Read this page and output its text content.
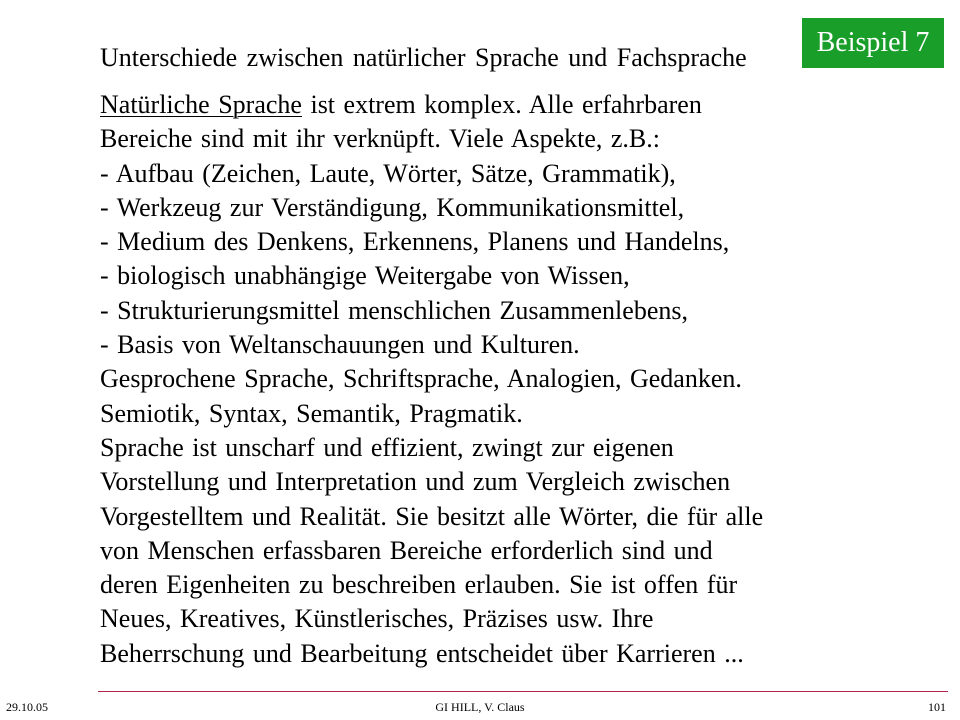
Unterschiede zwischen natürlicher Sprache und Fachsprache	Beispiel 7
Natürliche Sprache ist extrem komplex. Alle erfahrbaren
Bereiche sind mit ihr verknüpft. Viele Aspekte, z.B.:
- Aufbau (Zeichen, Laute, Wörter, Sätze, Grammatik),
- Werkzeug zur Verständigung, Kommunikationsmittel,
- Medium des Denkens, Erkennens, Planens und Handelns,
- biologisch unabhängige Weitergabe von Wissen,
- Strukturierungsmittel menschlichen Zusammenlebens,
- Basis von Weltanschauungen und Kulturen.
Gesprochene Sprache, Schriftsprache, Analogien, Gedanken.
Semiotik, Syntax, Semantik, Pragmatik.
Sprache ist unscharf und effizient, zwingt zur eigenen
Vorstellung und Interpretation und zum Vergleich zwischen
Vorgestelltem und Realität. Sie besitzt alle Wörter, die für alle
von Menschen erfassbaren Bereiche erforderlich sind und
deren Eigenheiten zu beschreiben erlauben. Sie ist offen für
Neues, Kreatives, Künstlerisches, Präzises usw. Ihre
Beherrschung und Bearbeitung entscheidet über Karrieren ...
29.10.05	GI HILL, V. Claus	101
